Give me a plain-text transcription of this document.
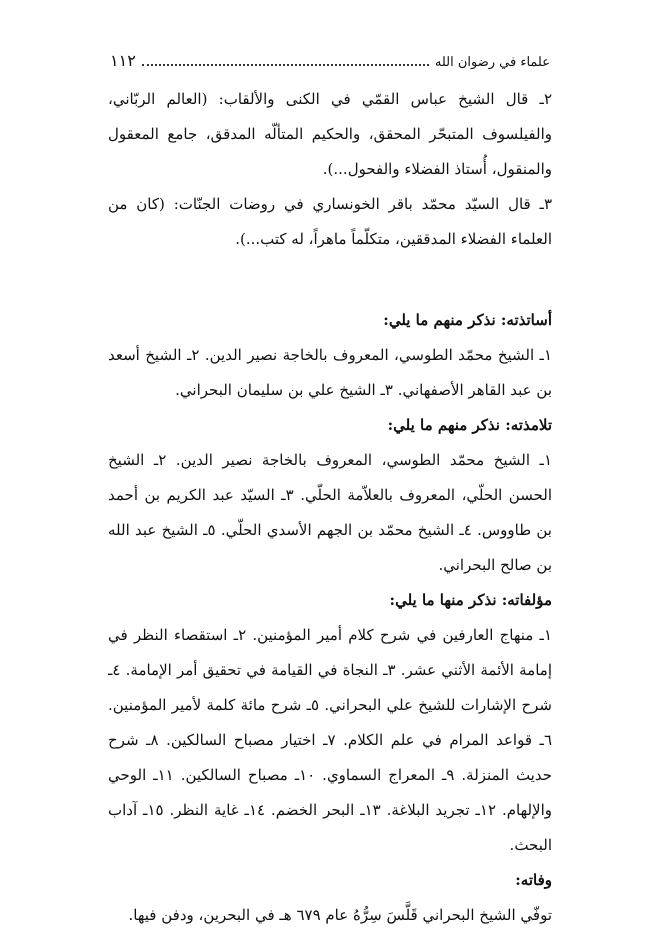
علماء في رضوان الله
١١٢

٢ـ قال الشيخ عباس القمّي في الكنى والألقاب: (العالم الربّاني، والفيلسوف المتبحّر المحقق، والحكيم المتألّه المدقق، جامع المعقول والمنقول، أُستاذ الفضلاء والفحول...).

٣ـ قال السيّد محمّد باقر الخونساري في روضات الجنّات: (كان من العلماء الفضلاء المدققين، متكلّماً ماهراً، له كتب...).

أساتذته: نذكر منهم ما يلي:

١ـ الشيخ محمّد الطوسي، المعروف بالخاجة نصير الدين. ٢ـ الشيخ أسعد بن عبد القاهر الأصفهاني. ٣ـ الشيخ علي بن سليمان البحراني.

تلامذته: نذكر منهم ما يلي:

١ـ الشيخ محمّد الطوسي، المعروف بالخاجة نصير الدين. ٢ـ الشيخ الحسن الحلّي، المعروف بالعلاّمة الحلّي. ٣ـ السيّد عبد الكريم بن أحمد بن طاووس. ٤ـ الشيخ محمّد بن الجهم الأسدي الحلّي. ٥ـ الشيخ عبد الله بن صالح البحراني.

مؤلفاته: نذكر منها ما يلي:

١ـ منهاج العارفين في شرح كلام أمير المؤمنين. ٢ـ استقصاء النظر في إمامة الأئمة الأثني عشر. ٣ـ النجاة في القيامة في تحقيق أمر الإمامة. ٤ـ شرح الإشارات للشيخ علي البحراني. ٥ـ شرح مائة كلمة لأمير المؤمنين. ٦ـ قواعد المرام في علم الكلام. ٧ـ اختيار مصباح السالكين. ٨ـ شرح حديث المنزلة. ٩ـ المعراج السماوي. ١٠ـ مصباح السالكين. ١١ـ الوحي والإلهام. ١٢ـ تجريد البلاغة. ١٣ـ البحر الخضم. ١٤ـ غاية النظر. ١٥ـ آداب البحث.

وفاته:

توفّي الشيخ البحراني قَلَّسَ سِرُّهُ عام ٦٧٩ هـ في البحرين، ودفن فيها.
